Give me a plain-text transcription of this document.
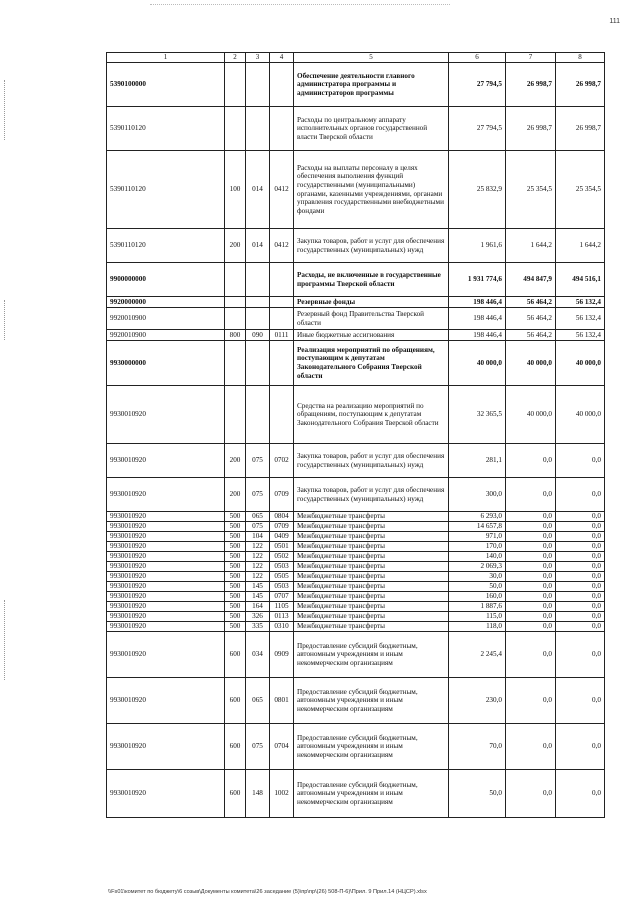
111
1	2	3	4	5	6	7	8
5390100000				Обеспечение деятельности главного администратора программы и администраторов программы	27 794,5	26 998,7	26 998,7
5390110120				Расходы по центральному аппарату исполнительных органов государственной власти Тверской области	27 794,5	26 998,7	26 998,7
5390110120	100	014	0412	Расходы на выплаты персоналу в целях обеспечения выполнения функций государственными (муниципальными) органами, казенными учреждениями, органами управления государственными внебюджетными фондами	25 832,9	25 354,5	25 354,5
5390110120	200	014	0412	Закупка товаров, работ и услуг для обеспечения государственных (муниципальных) нужд	1 961,6	1 644,2	1 644,2
9900000000				Расходы, не включенные в государственные программы Тверской области	1 931 774,6	494 847,9	494 516,1
9920000000				Резервные фонды	198 446,4	56 464,2	56 132,4
9920010900				Резервный фонд Правительства Тверской области	198 446,4	56 464,2	56 132,4
9920010900	800	090	0111	Иные бюджетные ассигнования	198 446,4	56 464,2	56 132,4
9930000000				Реализация мероприятий по обращениям, поступающим к депутатам Законодательного Собрания Тверской области	40 000,0	40 000,0	40 000,0
9930010920				Средства на реализацию мероприятий по обращениям, поступающим к депутатам Законодательного Собрания Тверской области	32 365,5	40 000,0	40 000,0
9930010920	200	075	0702	Закупка товаров, работ и услуг для обеспечения государственных (муниципальных) нужд	281,1	0,0	0,0
9930010920	200	075	0709	Закупка товаров, работ и услуг для обеспечения государственных (муниципальных) нужд	300,0	0,0	0,0
9930010920	500	065	0804	Межбюджетные трансферты	6 293,0	0,0	0,0
9930010920	500	075	0709	Межбюджетные трансферты	14 657,8	0,0	0,0
9930010920	500	104	0409	Межбюджетные трансферты	971,0	0,0	0,0
9930010920	500	122	0501	Межбюджетные трансферты	170,0	0,0	0,0
9930010920	500	122	0502	Межбюджетные трансферты	140,0	0,0	0,0
9930010920	500	122	0503	Межбюджетные трансферты	2 069,3	0,0	0,0
9930010920	500	122	0505	Межбюджетные трансферты	30,0	0,0	0,0
9930010920	500	145	0503	Межбюджетные трансферты	50,0	0,0	0,0
9930010920	500	145	0707	Межбюджетные трансферты	160,0	0,0	0,0
9930010920	500	164	1105	Межбюджетные трансферты	1 887,6	0,0	0,0
9930010920	500	326	0113	Межбюджетные трансферты	115,0	0,0	0,0
9930010920	500	335	0310	Межбюджетные трансферты	118,0	0,0	0,0
9930010920	600	034	0909	Предоставление субсидий бюджетным, автономным учреждениям и иным некоммерческим организациям	2 245,4	0,0	0,0
9930010920	600	065	0801	Предоставление субсидий бюджетным, автономным учреждениям и иным некоммерческим организациям	230,0	0,0	0,0
9930010920	600	075	0704	Предоставление субсидий бюджетным, автономным учреждениям и иным некоммерческим организациям	70,0	0,0	0,0
9930010920	600	148	1002	Предоставление субсидий бюджетным, автономным учреждениям и иным некоммерческим организациям	50,0	0,0	0,0
\\Fs01\комитет по бюджету\6 созыв\Документы комитета\26 заседание (5)\пр\пр\(26) 508-П-6)\Прил. 9 Прил.14 (НЦСР).xlsx
